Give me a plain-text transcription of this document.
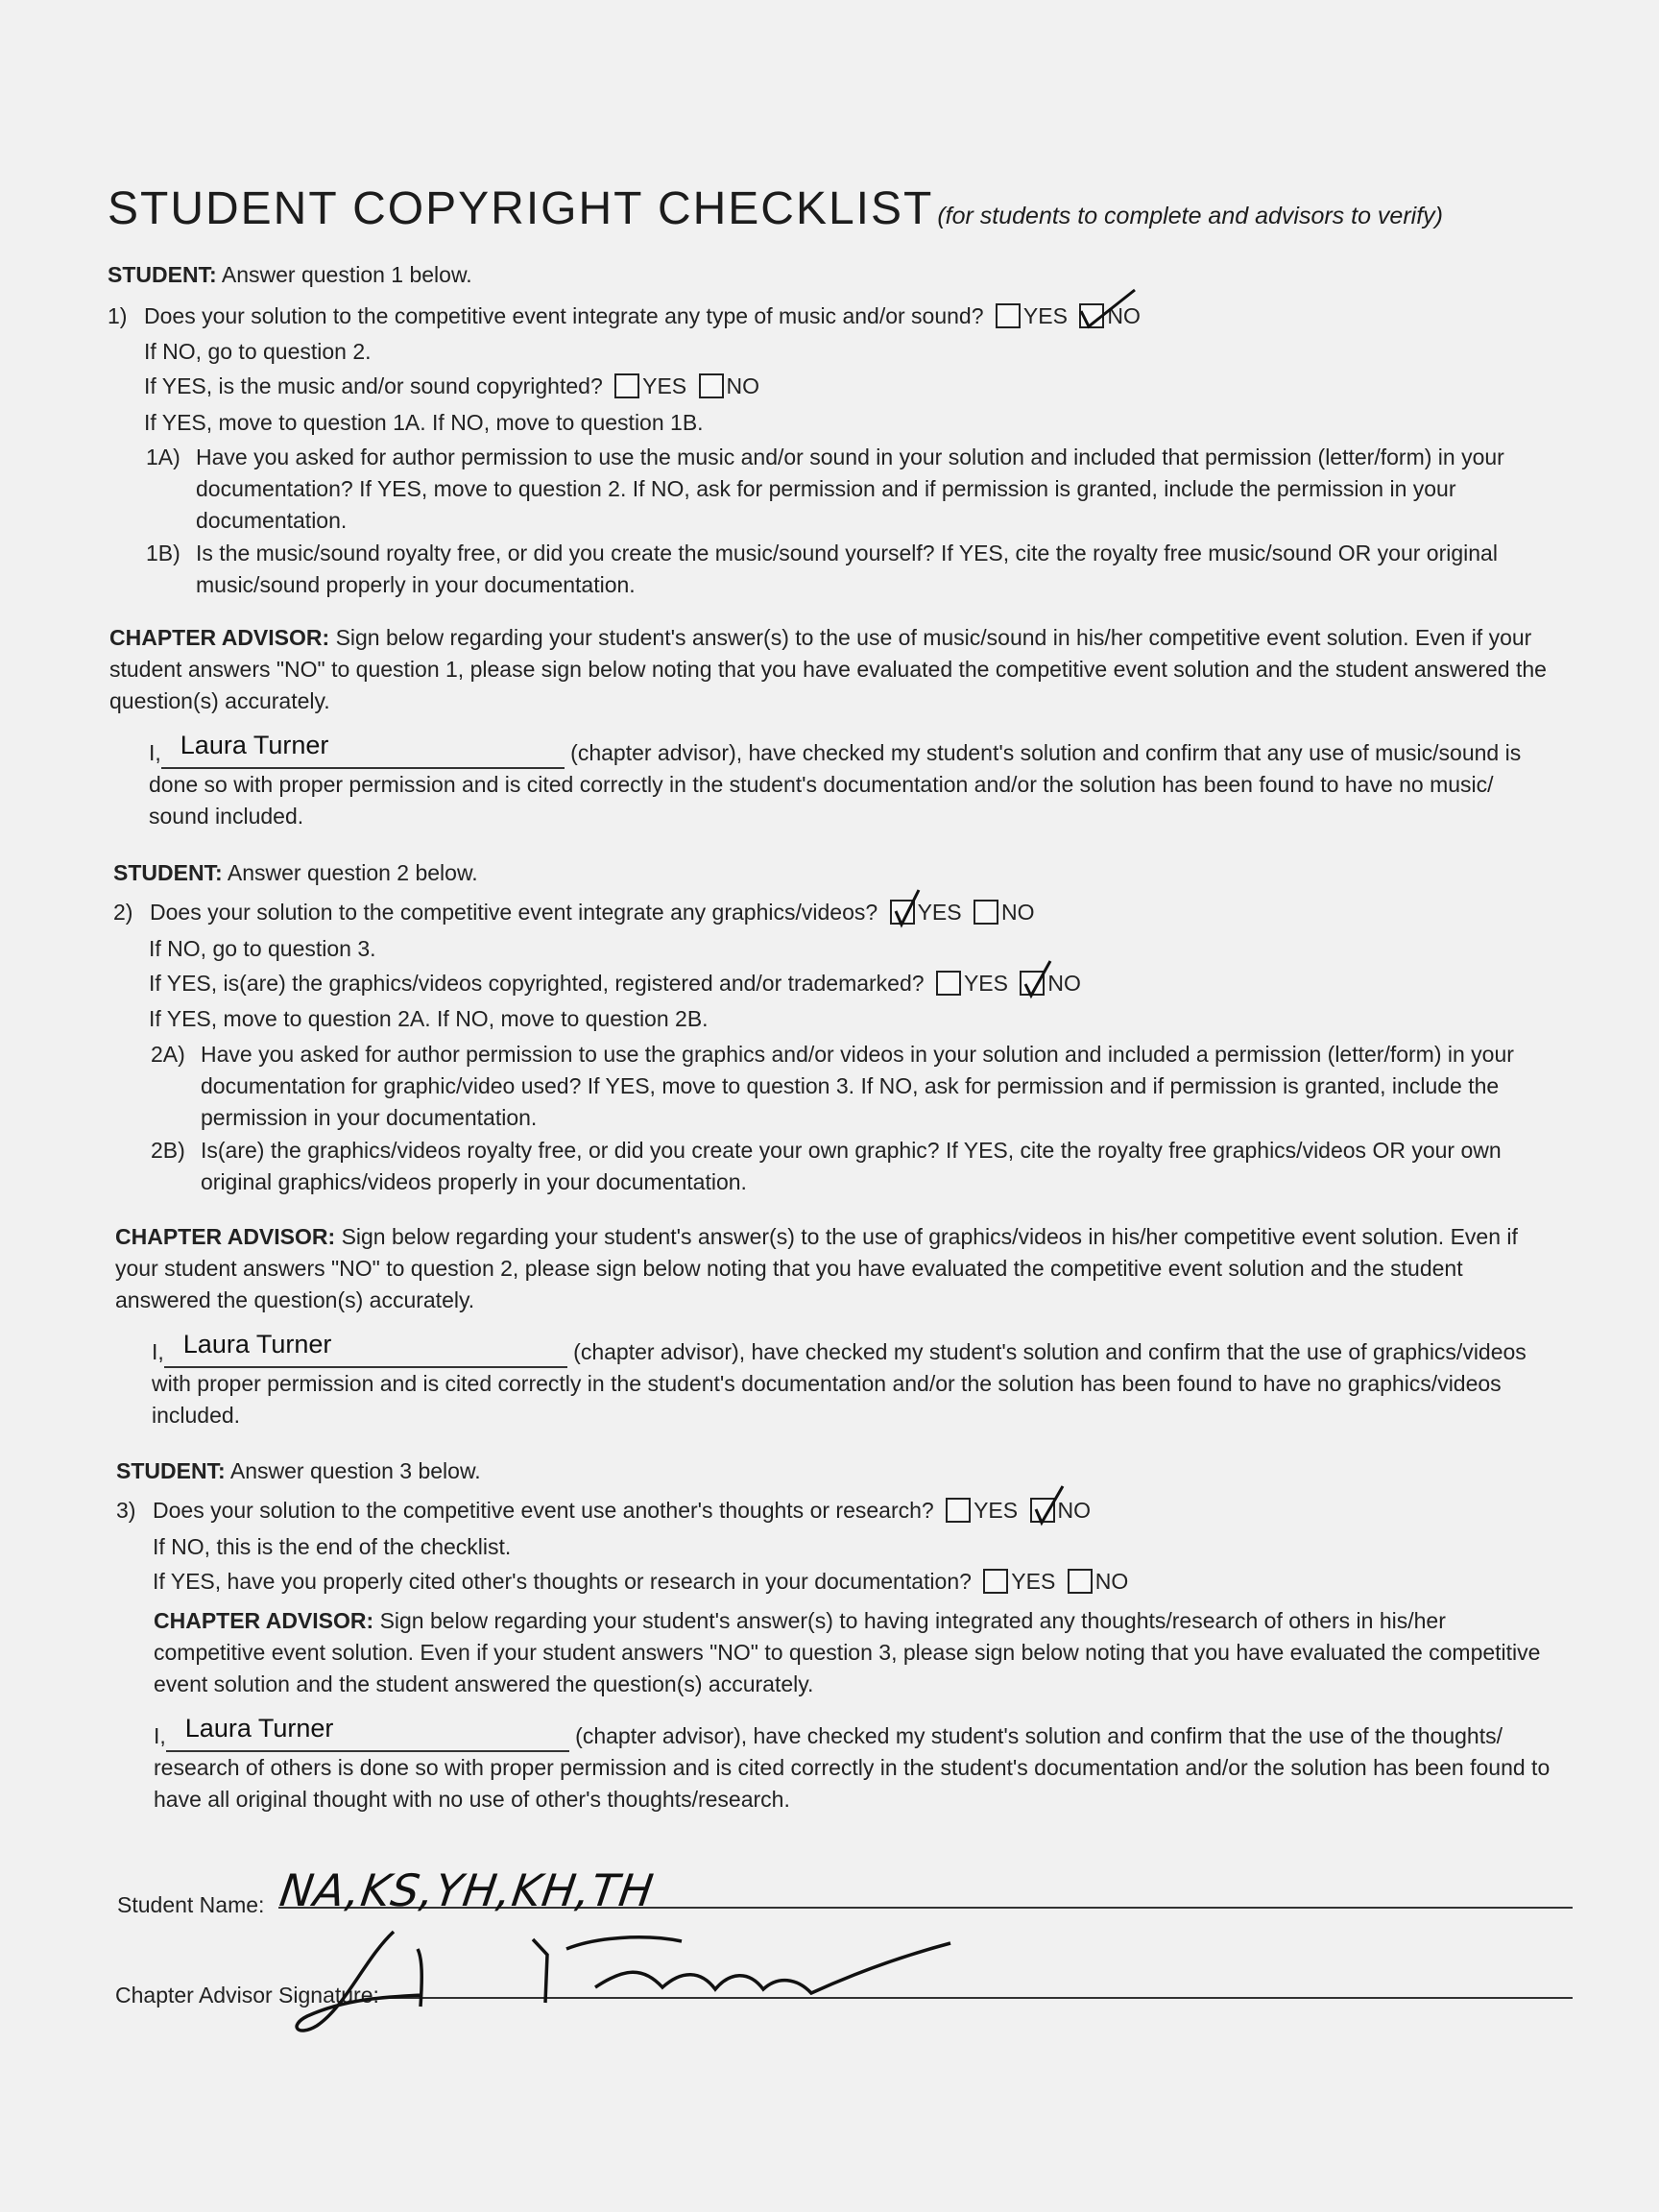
STUDENT COPYRIGHT CHECKLIST (for students to complete and advisors to verify)
STUDENT: Answer question 1 below.
1) Does your solution to the competitive event integrate any type of music and/or sound? YES NO
If NO, go to question 2.
If YES, is the music and/or sound copyrighted? YES NO
If YES, move to question 1A. If NO, move to question 1B.
1A) Have you asked for author permission to use the music and/or sound in your solution and included that permission (letter/form) in your documentation? If YES, move to question 2. If NO, ask for permission and if permission is granted, include the permission in your documentation.
1B) Is the music/sound royalty free, or did you create the music/sound yourself? If YES, cite the royalty free music/sound OR your original music/sound properly in your documentation.
CHAPTER ADVISOR: Sign below regarding your student's answer(s) to the use of music/sound in his/her competitive event solution. Even if your student answers "NO" to question 1, please sign below noting that you have evaluated the competitive event solution and the student answered the question(s) accurately.
I, Laura Turner	(chapter advisor), have checked my student's solution and confirm that any use of music/sound is done so with proper permission and is cited correctly in the student's documentation and/or the solution has been found to have no music/ sound included.
STUDENT: Answer question 2 below.
2) Does your solution to the competitive event integrate any graphics/videos? YES NO
If NO, go to question 3.
If YES, is(are) the graphics/videos copyrighted, registered and/or trademarked? YES NO
If YES, move to question 2A. If NO, move to question 2B.
2A) Have you asked for author permission to use the graphics and/or videos in your solution and included a permission (letter/form) in your documentation for graphic/video used? If YES, move to question 3. If NO, ask for permission and if permission is granted, include the permission in your documentation.
2B) Is(are) the graphics/videos royalty free, or did you create your own graphic? If YES, cite the royalty free graphics/videos OR your own original graphics/videos properly in your documentation.
CHAPTER ADVISOR: Sign below regarding your student's answer(s) to the use of graphics/videos in his/her competitive event solution. Even if your student answers "NO" to question 2, please sign below noting that you have evaluated the competitive event solution and the student answered the question(s) accurately.
I, Laura Turner	(chapter advisor), have checked my student's solution and confirm that the use of graphics/videos with proper permission and is cited correctly in the student's documentation and/or the solution has been found to have no graphics/videos included.
STUDENT: Answer question 3 below.
3) Does your solution to the competitive event use another's thoughts or research? YES NO
If NO, this is the end of the checklist.
If YES, have you properly cited other's thoughts or research in your documentation? YES NO
CHAPTER ADVISOR: Sign below regarding your student's answer(s) to having integrated any thoughts/research of others in his/her competitive event solution. Even if your student answers "NO" to question 3, please sign below noting that you have evaluated the competitive event solution and the student answered the question(s) accurately.
I, Laura Turner	(chapter advisor), have checked my student's solution and confirm that the use of the thoughts/ research of others is done so with proper permission and is cited correctly in the student's documentation and/or the solution has been found to have all original thought with no use of other's thoughts/research.
Student Name: NA,KS,YH,KH,TH
Chapter Advisor Signature:
